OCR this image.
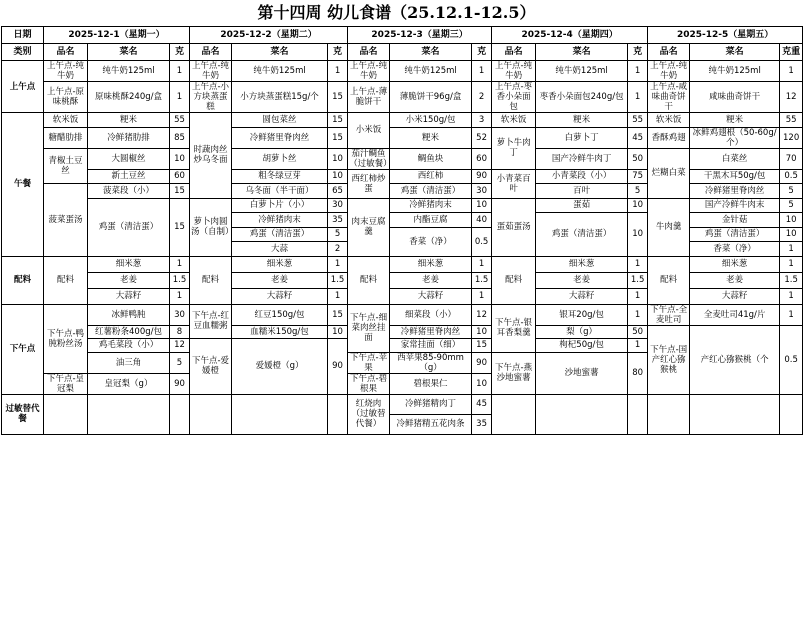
第十四周 幼儿食谱（25.12.1-12.5）
日期	2025-12-1（星期一）			2025-12-2（星期二）			2025-12-3（星期三）			2025-12-4（星期四）			2025-12-5（星期五）		
类别	品名	菜名	克	品名	菜名	克	品名	菜名	克	品名	菜名	克	品名	菜名	克重
上午点	上午点-纯牛奶	纯牛奶125ml	1	上午点-纯牛奶	纯牛奶125ml	1	上午点-纯牛奶	纯牛奶125ml	1	上午点-纯牛奶	纯牛奶125ml	1	上午点-纯牛奶	纯牛奶125ml	1
	上午点-原味桃酥	原味桃酥240g/盒	1	上午点-小方块蒸蛋糕	小方块蒸蛋糕15g/个	15	上午点-薄脆饼干	薄脆饼干96g/盒	2	上午点-枣香小朵面包	枣香小朵面包240g/包	1	上午点-咸味曲奇饼干	咸味曲奇饼干	12
午餐	软米饭	粳米	55	时蔬肉丝炒乌冬面	圆包菜丝	15	小米饭	小米150g/包	3	软米饭	粳米	55	软米饭	粳米	55
	糖醋肋排	冷鲜猪肋排	85		冷鲜猪里脊肉丝	15		粳米	52	萝卜牛肉丁	白萝卜丁	45	香酥鸡翅	冰鲜鸡翅根（50-60g/个）	120
	青椒土豆丝	大圆椒丝	10		胡萝卜丝	10	茄汁鲷鱼（过敏餐）	鲷鱼块	60		国产冷鲜牛肉丁	50	烂糊白菜	白菜丝	70
		新土豆丝	60		粗冬绿豆芽	10	西红柿炒蛋	西红柿	90	小青菜百叶	小青菜段（小）	75		干黑木耳50g/包	0.5
	菠菜蛋汤	菠菜段（小）	15		乌冬面（半干面）	65		鸡蛋（清洁蛋）	30		百叶	5		冷鲜猪里脊肉丝	5
		鸡蛋（清洁蛋）	15	萝卜肉圆汤（自制）	白萝卜片（小）	30	肉末豆腐羹	冷鲜猪肉末	10	蛋茹蛋汤	蛋茹	10	牛肉羹	国产冷鲜牛肉末	5
					冷鲜猪肉末	35		内酯豆腐	40		鸡蛋（清洁蛋）	10		金针菇	10
					鸡蛋（清洁蛋）	5		香菜（净）	0.5					鸡蛋（清洁蛋）	10
					大蒜	2								香菜（净）	1
配料	配料	细米葱	1	配料	细米葱	1	配料	细米葱	1	配料	细米葱	1	配料	细米葱	1
		老姜	1.5		老姜	1.5		老姜	1.5		老姜	1.5		老姜	1.5
		大蒜籽	1		大蒜籽	1		大蒜籽	1		大蒜籽	1		大蒜籽	1
下午点	下午点-鸭肫粉丝汤	冰鲜鸭肫	30	下午点-红豆血糯粥	红豆150g/包	15	下午点-细菜肉丝挂面	细菜段（小）	12	下午点-银耳香梨羹	银耳20g/包	1	下午点-全麦吐司	全麦吐司41g/片	1
		红薯粉条400g/包	8		血糯米150g/包	10		冷鲜猪里脊肉丝	10		梨（g）	50	下午点-国产红心猕猴桃	产红心猕猴桃（个	0.5
		鸡毛菜段（小）	12	下午点-爱媛橙	爱媛橙（g）	90		家常挂面（细）	15		枸杞50g/包	1			
		油三角	5				下午点-苹果	西苹果85-90mm（g）	90	下午点-燕沙地蜜薯	沙地蜜薯	80			
	下午点-皇冠梨	皇冠梨（g）	90				下午点-碧根果	碧根果仁	10						
过敏替代餐							红烧肉（过敏替代餐）	冷鲜猪精肉丁	45						
								冷鲜猪精五花肉条	35						
